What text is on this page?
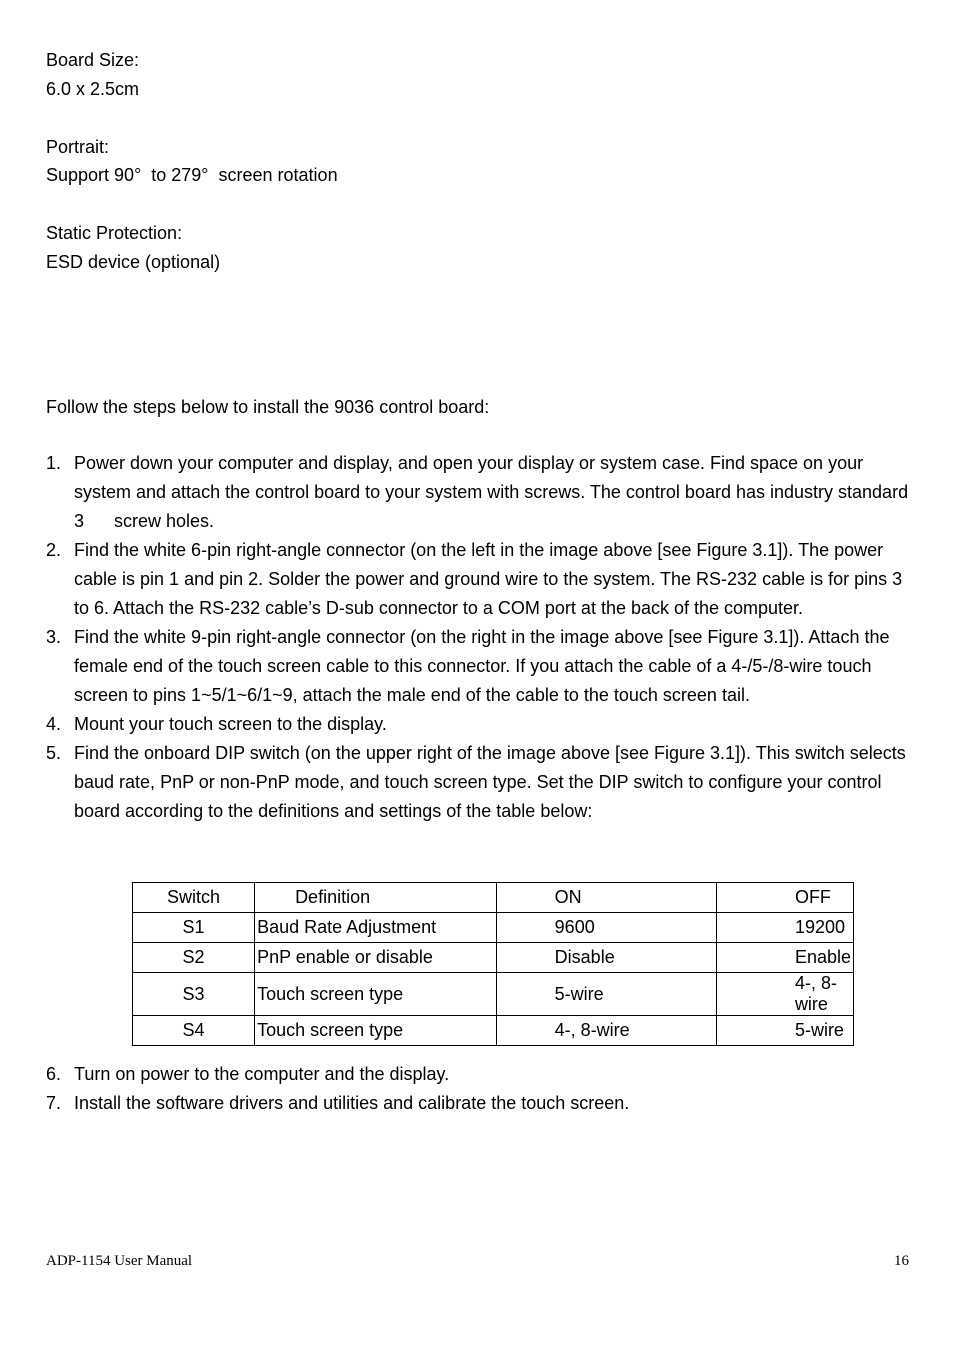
Board Size:
6.0 x 2.5cm
Portrait:
Support 90°  to 279°  screen rotation
Static Protection:
ESD device (optional)
Follow the steps below to install the 9036 control board:
1. Power down your computer and display, and open your display or system case. Find space on your system and attach the control board to your system with screws. The control board has industry standard 3      screw holes.
2. Find the white 6-pin right-angle connector (on the left in the image above [see Figure 3.1]). The power cable is pin 1 and pin 2. Solder the power and ground wire to the system. The RS-232 cable is for pins 3 to 6. Attach the RS-232 cable’s D-sub connector to a COM port at the back of the computer.
3. Find the white 9-pin right-angle connector (on the right in the image above [see Figure 3.1]). Attach the female end of the touch screen cable to this connector. If you attach the cable of a 4-/5-/8-wire touch screen to pins 1~5/1~6/1~9, attach the male end of the cable to the touch screen tail.
4. Mount your touch screen to the display.
5. Find the onboard DIP switch (on the upper right of the image above [see Figure 3.1]). This switch selects baud rate, PnP or non-PnP mode, and touch screen type. Set the DIP switch to configure your control board according to the definitions and settings of the table below:
Switch	Definition	ON	OFF
S1	Baud Rate Adjustment	9600	19200
S2	PnP enable or disable	Disable	Enable
S3	Touch screen type	5-wire	4-, 8-wire
S4	Touch screen type	4-, 8-wire	5-wire
6. Turn on power to the computer and the display.
7. Install the software drivers and utilities and calibrate the touch screen.
ADP-1154 User Manual	16
